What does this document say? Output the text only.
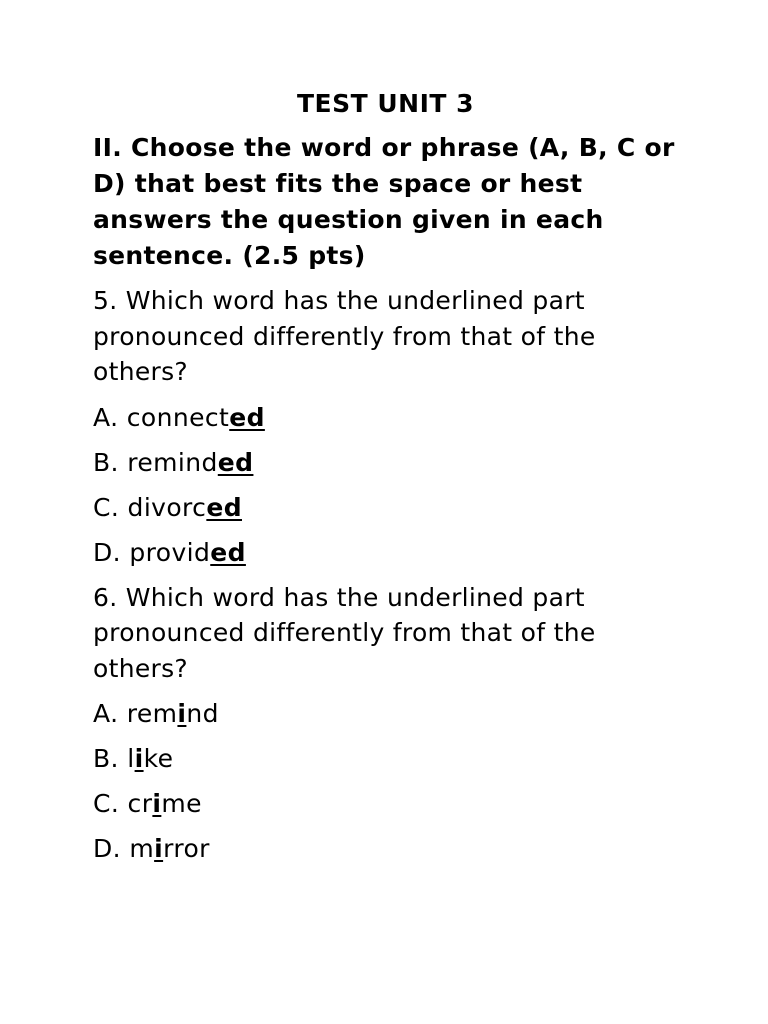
TEST UNIT 3
II. Choose the word or phrase (A, B, C or D) that best fits the space or hest answers the question given in each sentence. (2.5 pts)
5. Which word has the underlined part pronounced differently from that of the others?
A. connected
B. reminded
C. divorced
D. provided
6. Which word has the underlined part pronounced differently from that of the others?
A. remind
B. like
C. crime
D. mirror
